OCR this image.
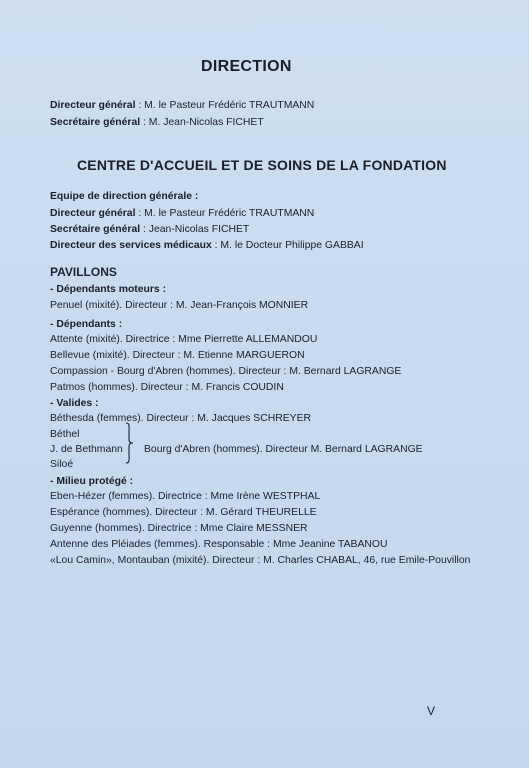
DIRECTION
Directeur général : M. le Pasteur Frédéric TRAUTMANN
Secrétaire général : M. Jean-Nicolas FICHET
CENTRE D'ACCUEIL ET DE SOINS DE LA FONDATION
Equipe de direction générale :
Directeur général : M. le Pasteur Frédéric TRAUTMANN
Secrétaire général : Jean-Nicolas FICHET
Directeur des services médicaux : M. le Docteur Philippe GABBAI
PAVILLONS
- Dépendants moteurs :
Penuel (mixité). Directeur : M. Jean-François MONNIER
- Dépendants :
Attente (mixité). Directrice : Mme Pierrette ALLEMANDOU
Bellevue (mixité). Directeur : M. Etienne MARGUERON
Compassion - Bourg d'Abren (hommes). Directeur : M. Bernard LAGRANGE
Patmos (hommes). Directeur : M. Francis COUDIN
- Valides :
Béthesda (femmes). Directeur : M. Jacques SCHREYER
Béthel
J. de Bethmann
Siloé
Bourg d'Abren (hommes). Directeur M. Bernard LAGRANGE
- Milieu protégé :
Eben-Hézer (femmes). Directrice : Mme Irène WESTPHAL
Espérance (hommes). Directeur : M. Gérard THEURELLE
Guyenne (hommes). Directrice : Mme Claire MESSNER
Antenne des Pléiades (femmes). Responsable : Mme Jeanine TABANOU
«Lou Camin», Montauban (mixité). Directeur : M. Charles CHABAL, 46, rue Emile-Pouvillon
V
